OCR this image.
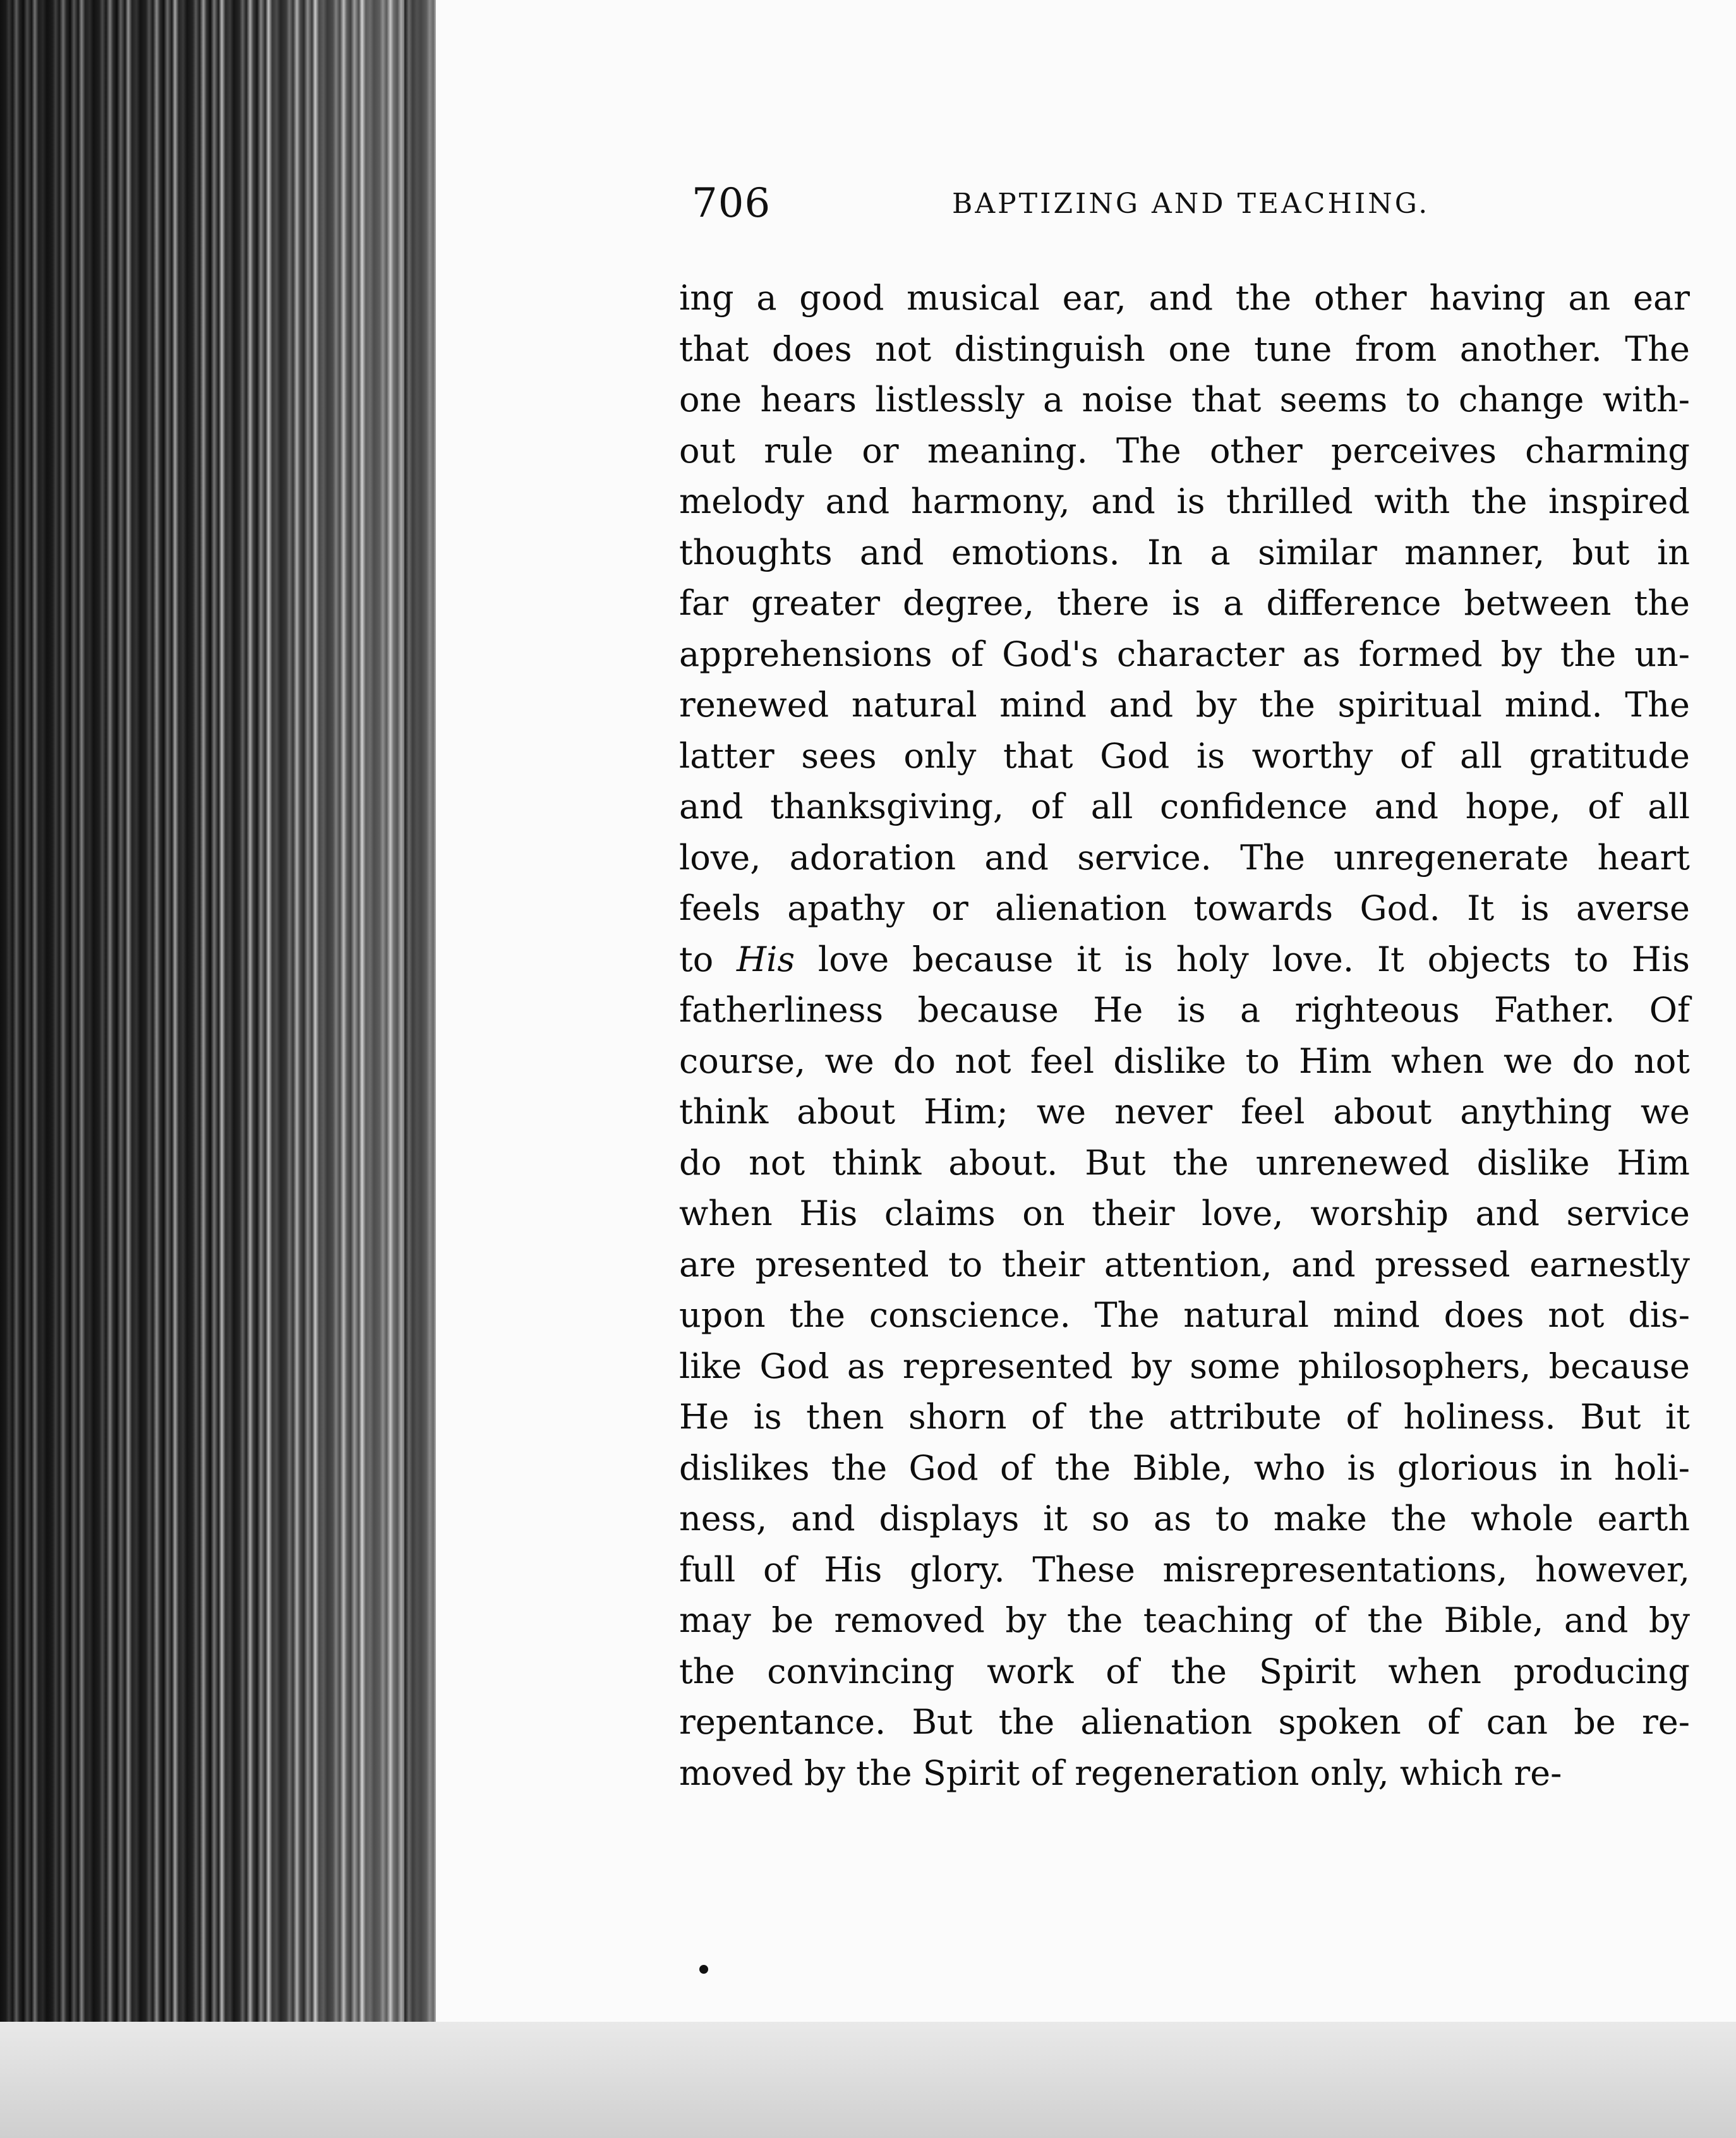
706	BAPTIZING AND TEACHING.
ing a good musical ear, and the other having an ear
that does not distinguish one tune from another. The
one hears listlessly a noise that seems to change with-
out rule or meaning. The other perceives charming
melody and harmony, and is thrilled with the inspired
thoughts and emotions. In a similar manner, but in
far greater degree, there is a difference between the
apprehensions of God's character as formed by the un-
renewed natural mind and by the spiritual mind. The
latter sees only that God is worthy of all gratitude
and thanksgiving, of all confidence and hope, of all
love, adoration and service. The unregenerate heart
feels apathy or alienation towards God. It is averse
to His love because it is holy love. It objects to His
fatherliness because He is a righteous Father. Of
course, we do not feel dislike to Him when we do not
think about Him; we never feel about anything we
do not think about. But the unrenewed dislike Him
when His claims on their love, worship and service
are presented to their attention, and pressed earnestly
upon the conscience. The natural mind does not dis-
like God as represented by some philosophers, because
He is then shorn of the attribute of holiness. But it
dislikes the God of the Bible, who is glorious in holi-
ness, and displays it so as to make the whole earth
full of His glory. These misrepresentations, however,
may be removed by the teaching of the Bible, and by
the convincing work of the Spirit when producing
repentance. But the alienation spoken of can be re-
moved by the Spirit of regeneration only, which re-
